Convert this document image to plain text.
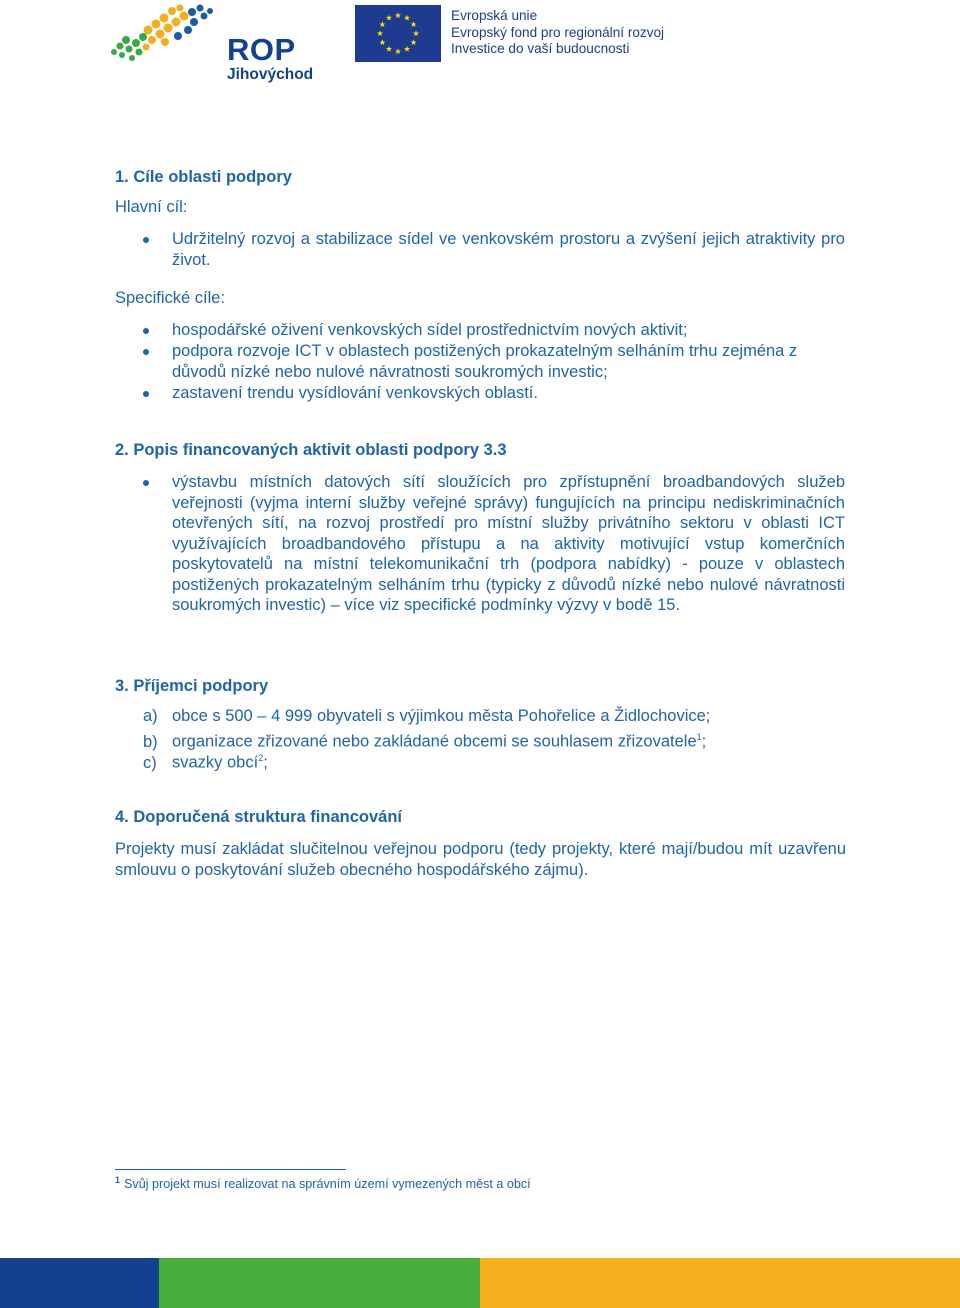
ROP
Jihovýchod
Evropská unie
Evropský fond pro regionální rozvoj
Investice do vaší budoucnosti
1. Cíle oblasti podpory
Hlavní cíl:

Udržitelný rozvoj a stabilizace sídel ve venkovském prostoru a zvýšení jejich atraktivity pro život.

Specifické cíle:

hospodářské oživení venkovských sídel prostřednictvím nových aktivit;

podpora rozvoje ICT v oblastech postižených prokazatelným selháním trhu zejména z důvodů nízké nebo nulové návratnosti soukromých investic;

zastavení trendu vysídlování venkovských oblastí.

2. Popis financovaných aktivit oblasti podpory 3.3

výstavbu místních datových sítí sloužících pro zpřístupnění broadbandových služeb veřejnosti (vyjma interní služby veřejné správy) fungujících na principu nediskriminačních otevřených sítí, na rozvoj prostředí pro místní služby privátního sektoru v oblasti ICT využívajících broadbandového přístupu a na aktivity motivující vstup komerčních poskytovatelů na místní telekomunikační trh (podpora nabídky) - pouze v oblastech postižených prokazatelným selháním trhu (typicky z důvodů nízké nebo nulové návratnosti soukromých investic) – více viz specifické podmínky výzvy v bodě 15.

3. Příjemci podpory
a) obce s 500 – 4 999 obyvateli s výjimkou města Pohořelice a Židlochovice;
b) organizace zřizované nebo zakládané obcemi se souhlasem zřizovatele$^1$;
c) svazky obcí$^2$;
4. Doporučená struktura financování

Projekty musí zakládat slučitelnou veřejnou podporu (tedy projekty, které mají/budou mít uzavřenu smlouvu o poskytování služeb obecného hospodářského zájmu).

$^1$ Svůj projekt musí realizovat na správním území vymezených měst a obcí
